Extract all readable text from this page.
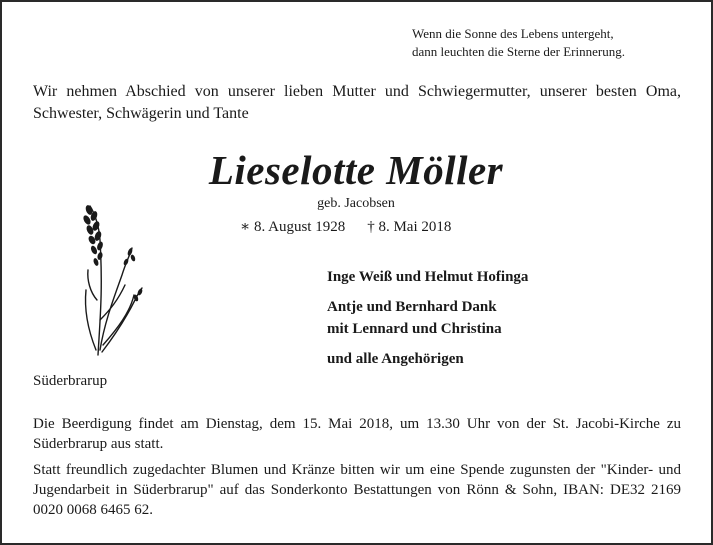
Wenn die Sonne des Lebens untergeht,
dann leuchten die Sterne der Erinnerung.
Wir nehmen Abschied von unserer lieben Mutter und Schwiegermutter, unserer besten Oma, Schwester, Schwägerin und Tante
Lieselotte Möller
geb. Jacobsen
∗ 8. August 1928 † 8. Mai 2018
Inge Weiß und Helmut Hofinga
Antje und Bernhard Dank
mit Lennard und Christina
und alle Angehörigen
Süderbrarup
Die Beerdigung findet am Dienstag, dem 15. Mai 2018, um 13.30 Uhr von der St. Jacobi-Kirche zu Süderbrarup aus statt.
Statt freundlich zugedachter Blumen und Kränze bitten wir um eine Spende zugunsten der "Kinder- und Jugendarbeit in Süderbrarup" auf das Sonderkonto Bestattungen von Rönn & Sohn, IBAN: DE32 2169 0020 0068 6465 62.
